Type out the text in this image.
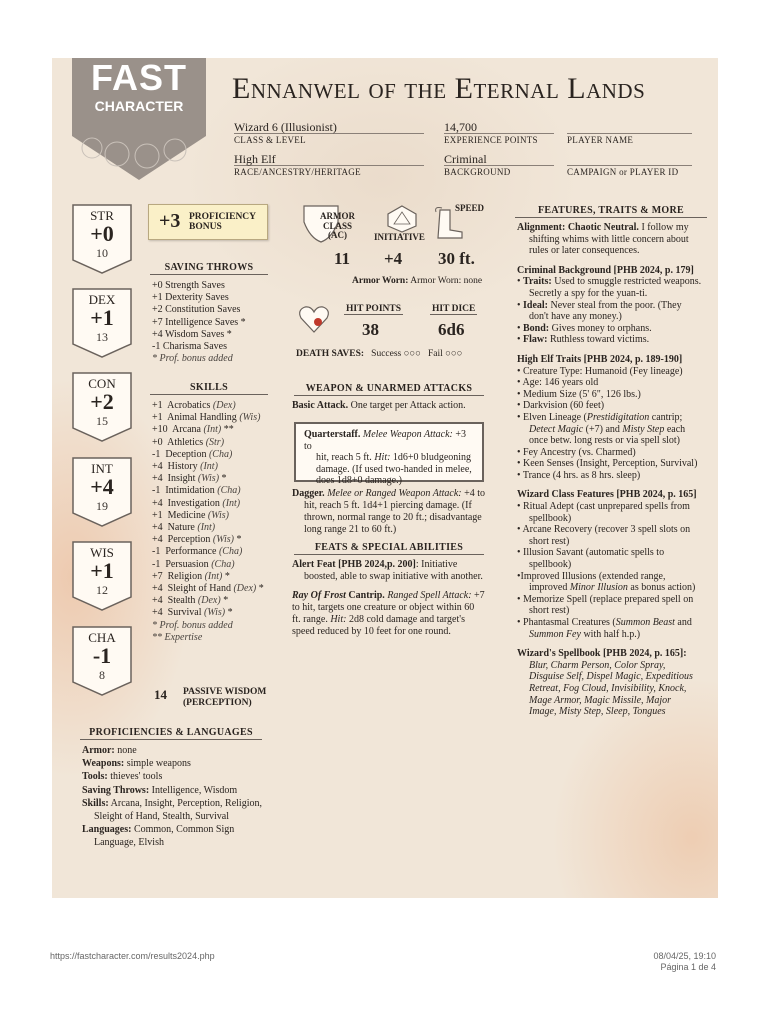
FAST
CHARACTER
Ennanwel of the Eternal Lands
Wizard 6 (Illusionist)
CLASS & LEVEL
14,700
EXPERIENCE POINTS	PLAYER NAME
High Elf
RACE/ANCESTRY/HERITAGE
Criminal
BACKGROUND	CAMPAIGN or PLAYER ID
STR
+0
10
DEX
+1
13
CON
+2
15
INT
+4
19
WIS
+1
12
CHA
-1
8
+3 PROFICIENCY
BONUS
SAVING THROWS
+0 Strength Saves
+1 Dexterity Saves
+2 Constitution Saves
+7 Intelligence Saves *
+4 Wisdom Saves *
-1 Charisma Saves
* Prof. bonus added
SKILLS
+1 Acrobatics (Dex)
+1 Animal Handling (Wis)
+10 Arcana (Int) **
+0 Athletics (Str)
-1 Deception (Cha)
+4 History (Int)
+4 Insight (Wis) *
-1 Intimidation (Cha)
+4 Investigation (Int)
+1 Medicine (Wis)
+4 Nature (Int)
+4 Perception (Wis) *
-1 Performance (Cha)
-1 Persuasion (Cha)
+7 Religion (Int) *
+4 Sleight of Hand (Dex) *
+4 Stealth (Dex) *
+4 Survival (Wis) *
* Prof. bonus added
** Expertise
14 PASSIVE WISDOM
(PERCEPTION)
PROFICIENCIES & LANGUAGES
Armor: none
Weapons: simple weapons
Tools: thieves' tools
Saving Throws: Intelligence, Wisdom
Skills: Arcana, Insight, Perception, Religion,
Sleight of Hand, Stealth, Survival
Languages: Common, Common Sign
Language, Elvish
ARMOR
CLASS
(AC)	INITIATIVE
SPEED
11 +4 30 ft.
Armor Worn: Armor Worn: none
HIT POINTS	HIT DICE
38	6d6
DEATH SAVES: Success ○○○ Fail ○○○
WEAPON & UNARMED ATTACKS
Basic Attack. One target per Attack action.
Quarterstaff. Melee Weapon Attack: +3 to
hit, reach 5 ft. Hit: 1d6+0 bludgeoning
damage. (If used two-handed in melee,
does 1d8+0 damage.)
Dagger. Melee or Ranged Weapon Attack: +4 to
hit, reach 5 ft. 1d4+1 piercing damage. (If
thrown, normal range to 20 ft.; disadvantage
long range 21 to 60 ft.)
FEATS & SPECIAL ABILITIES
Alert Feat [PHB 2024,p. 200]: Initiative
boosted, able to swap initiative with another.
Ray Of Frost Cantrip. Ranged Spell Attack: +7
to hit, targets one creature or object within 60
ft. range. Hit: 2d8 cold damage and target's
speed reduced by 10 feet for one round.
FEATURES, TRAITS & MORE
Alignment: Chaotic Neutral. I follow my
shifting whims with little concern about
rules or later consequences.
Criminal Background [PHB 2024, p. 179]
• Traits: Used to smuggle restricted weapons.
Secretly a spy for the yuan-ti.
• Ideal: Never steal from the poor. (They
don't have any money.)
• Bond: Gives money to orphans.
• Flaw: Ruthless toward victims.
High Elf Traits [PHB 2024, p. 189-190]
• Creature Type: Humanoid (Fey lineage)
• Age: 146 years old
• Medium Size (5' 6", 126 lbs.)
• Darkvision (60 feet)
• Elven Lineage (Prestidigitation cantrip;
Detect Magic (+7) and Misty Step each
once betw. long rests or via spell slot)
• Fey Ancestry (vs. Charmed)
• Keen Senses (Insight, Perception, Survival)
• Trance (4 hrs. as 8 hrs. sleep)
Wizard Class Features [PHB 2024, p. 165]
• Ritual Adept (cast unprepared spells from
spellbook)
• Arcane Recovery (recover 3 spell slots on
short rest)
• Illusion Savant (automatic spells to
spellbook)
•Improved Illusions (extended range,
improved Minor Illusion as bonus action)
• Memorize Spell (replace prepared spell on
short rest)
• Phantasmal Creatures (Summon Beast and
Summon Fey with half h.p.)
Wizard's Spellbook [PHB 2024, p. 165]:
Blur, Charm Person, Color Spray,
Disguise Self, Dispel Magic, Expeditious
Retreat, Fog Cloud, Invisibility, Knock,
Mage Armor, Magic Missile, Major
Image, Misty Step, Sleep, Tongues
https://fastcharacter.com/results2024.php	08/04/25, 19:10
Página 1 de 4
